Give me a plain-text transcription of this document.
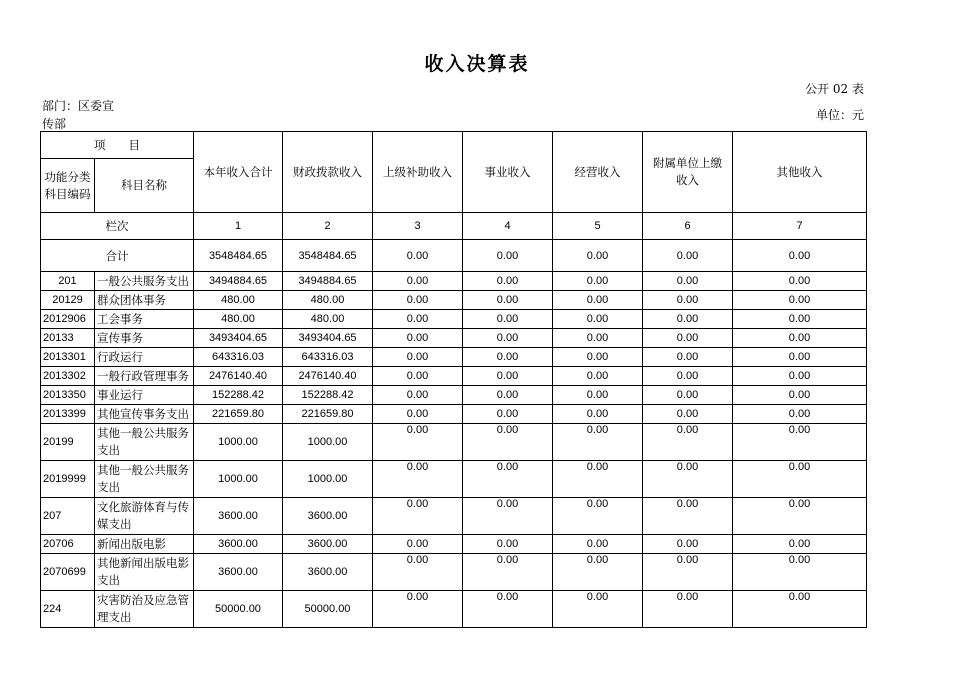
收入决算表
公开 02 表
部门：区委宣
传部
单位：元
项　　目		本年收入合计	财政拨款收入	上级补助收入	事业收入	经营收入	附属单位上缴收入	其他收入
功能分类科目编码	科目名称							
栏次		1	2	3	4	5	6	7
合计		3548484.65	3548484.65	0.00	0.00	0.00	0.00	0.00
201	一般公共服务支出	3494884.65	3494884.65	0.00	0.00	0.00	0.00	0.00
20129	群众团体事务	480.00	480.00	0.00	0.00	0.00	0.00	0.00
2012906	工会事务	480.00	480.00	0.00	0.00	0.00	0.00	0.00
20133	宣传事务	3493404.65	3493404.65	0.00	0.00	0.00	0.00	0.00
2013301	行政运行	643316.03	643316.03	0.00	0.00	0.00	0.00	0.00
2013302	一般行政管理事务	2476140.40	2476140.40	0.00	0.00	0.00	0.00	0.00
2013350	事业运行	152288.42	152288.42	0.00	0.00	0.00	0.00	0.00
2013399	其他宣传事务支出	221659.80	221659.80	0.00	0.00	0.00	0.00	0.00
20199	其他一般公共服务支出	1000.00	1000.00	0.00	0.00	0.00	0.00	0.00
2019999	其他一般公共服务支出	1000.00	1000.00	0.00	0.00	0.00	0.00	0.00
207	文化旅游体育与传媒支出	3600.00	3600.00	0.00	0.00	0.00	0.00	0.00
20706	新闻出版电影	3600.00	3600.00	0.00	0.00	0.00	0.00	0.00
2070699	其他新闻出版电影支出	3600.00	3600.00	0.00	0.00	0.00	0.00	0.00
224	灾害防治及应急管理支出	50000.00	50000.00	0.00	0.00	0.00	0.00	0.00
